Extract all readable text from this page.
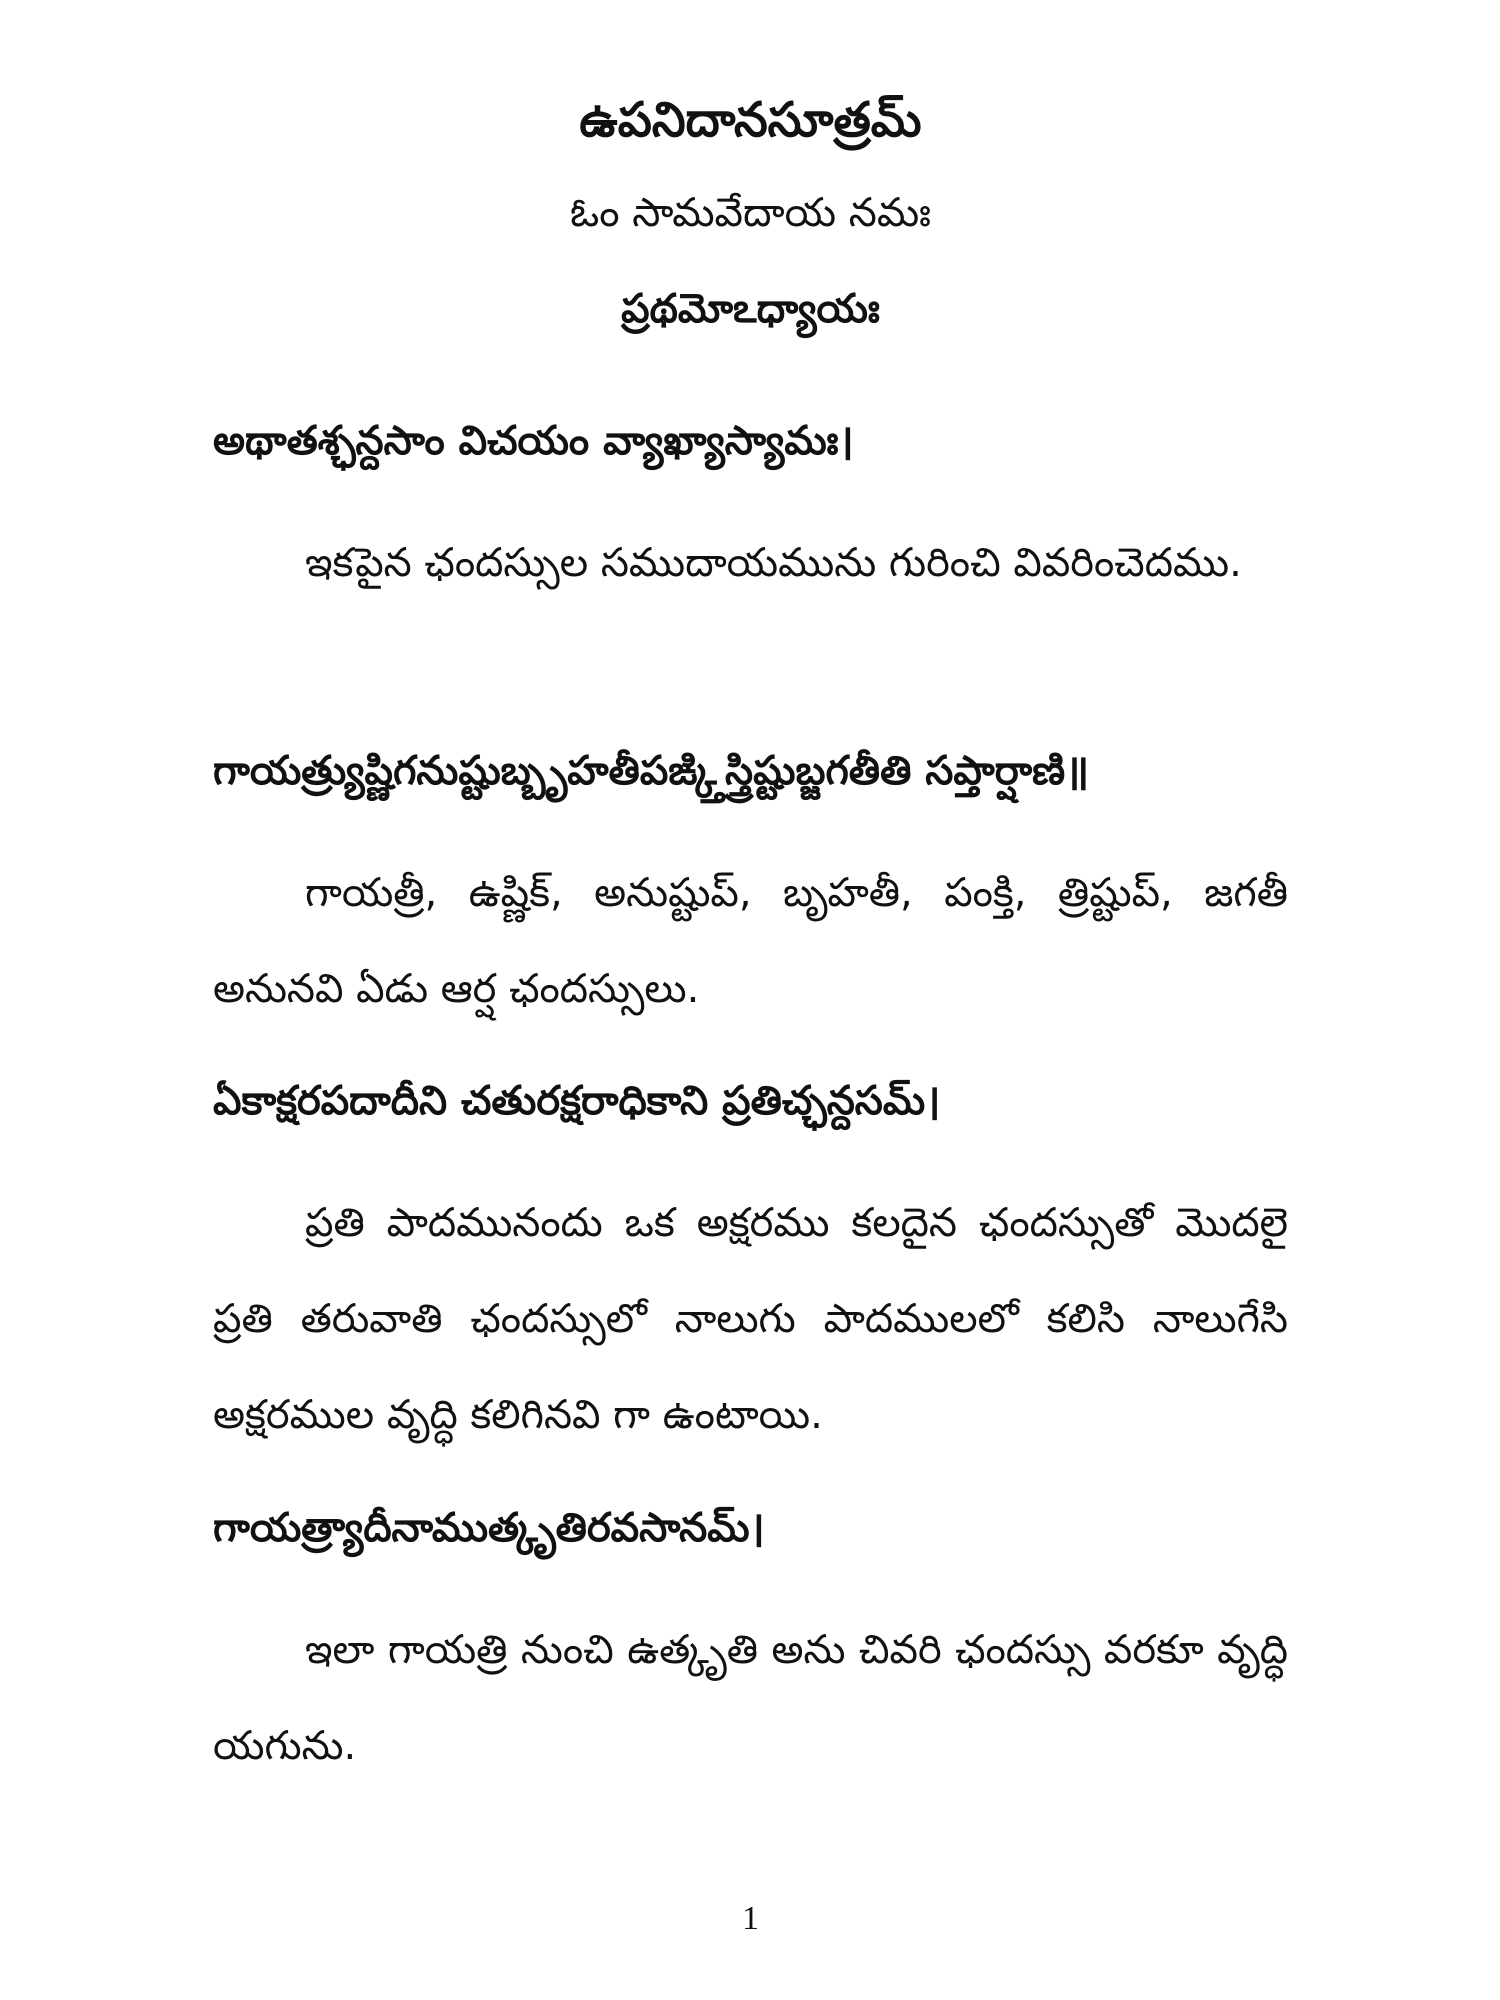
ఉపనిదానసూత్రమ్

ఓం సామవేదాయ నమః

ప్రథమోఽధ్యాయః

అథాతశ్ఛన్దసాం విచయం వ్యాఖ్యాస్యామః।

ఇకపైన ఛందస్సుల సముదాయమును గురించి వివరించెదము.

గాయత్ర్యుష్ణిగనుష్టుబ్బృహతీపఙ్క్తిస్త్రిష్టుబ్జగతీతి సప్తార్షాణి॥

గాయత్రీ, ఉష్ణిక్, అనుష్టుప్, బృహతీ, పంక్తి, త్రిష్టుప్, జగతీ అనునవి ఏడు ఆర్ష ఛందస్సులు.

ఏకాక్షరపదాదీని చతురక్షరాధికాని ప్రతిచ్ఛన్దసమ్।

ప్రతి పాదమునందు ఒక అక్షరము కలదైన ఛందస్సుతో మొదలై ప్రతి తరువాతి ఛందస్సులో నాలుగు పాదములలో కలిసి నాలుగేసి అక్షరముల వృద్ధి కలిగినవి గా ఉంటాయి.

గాయత్ర్యాదీనాముత్కృతిరవసానమ్।

ఇలా గాయత్రి నుంచి ఉత్కృతి అను చివరి ఛందస్సు వరకూ వృద్ధి యగును.

1
